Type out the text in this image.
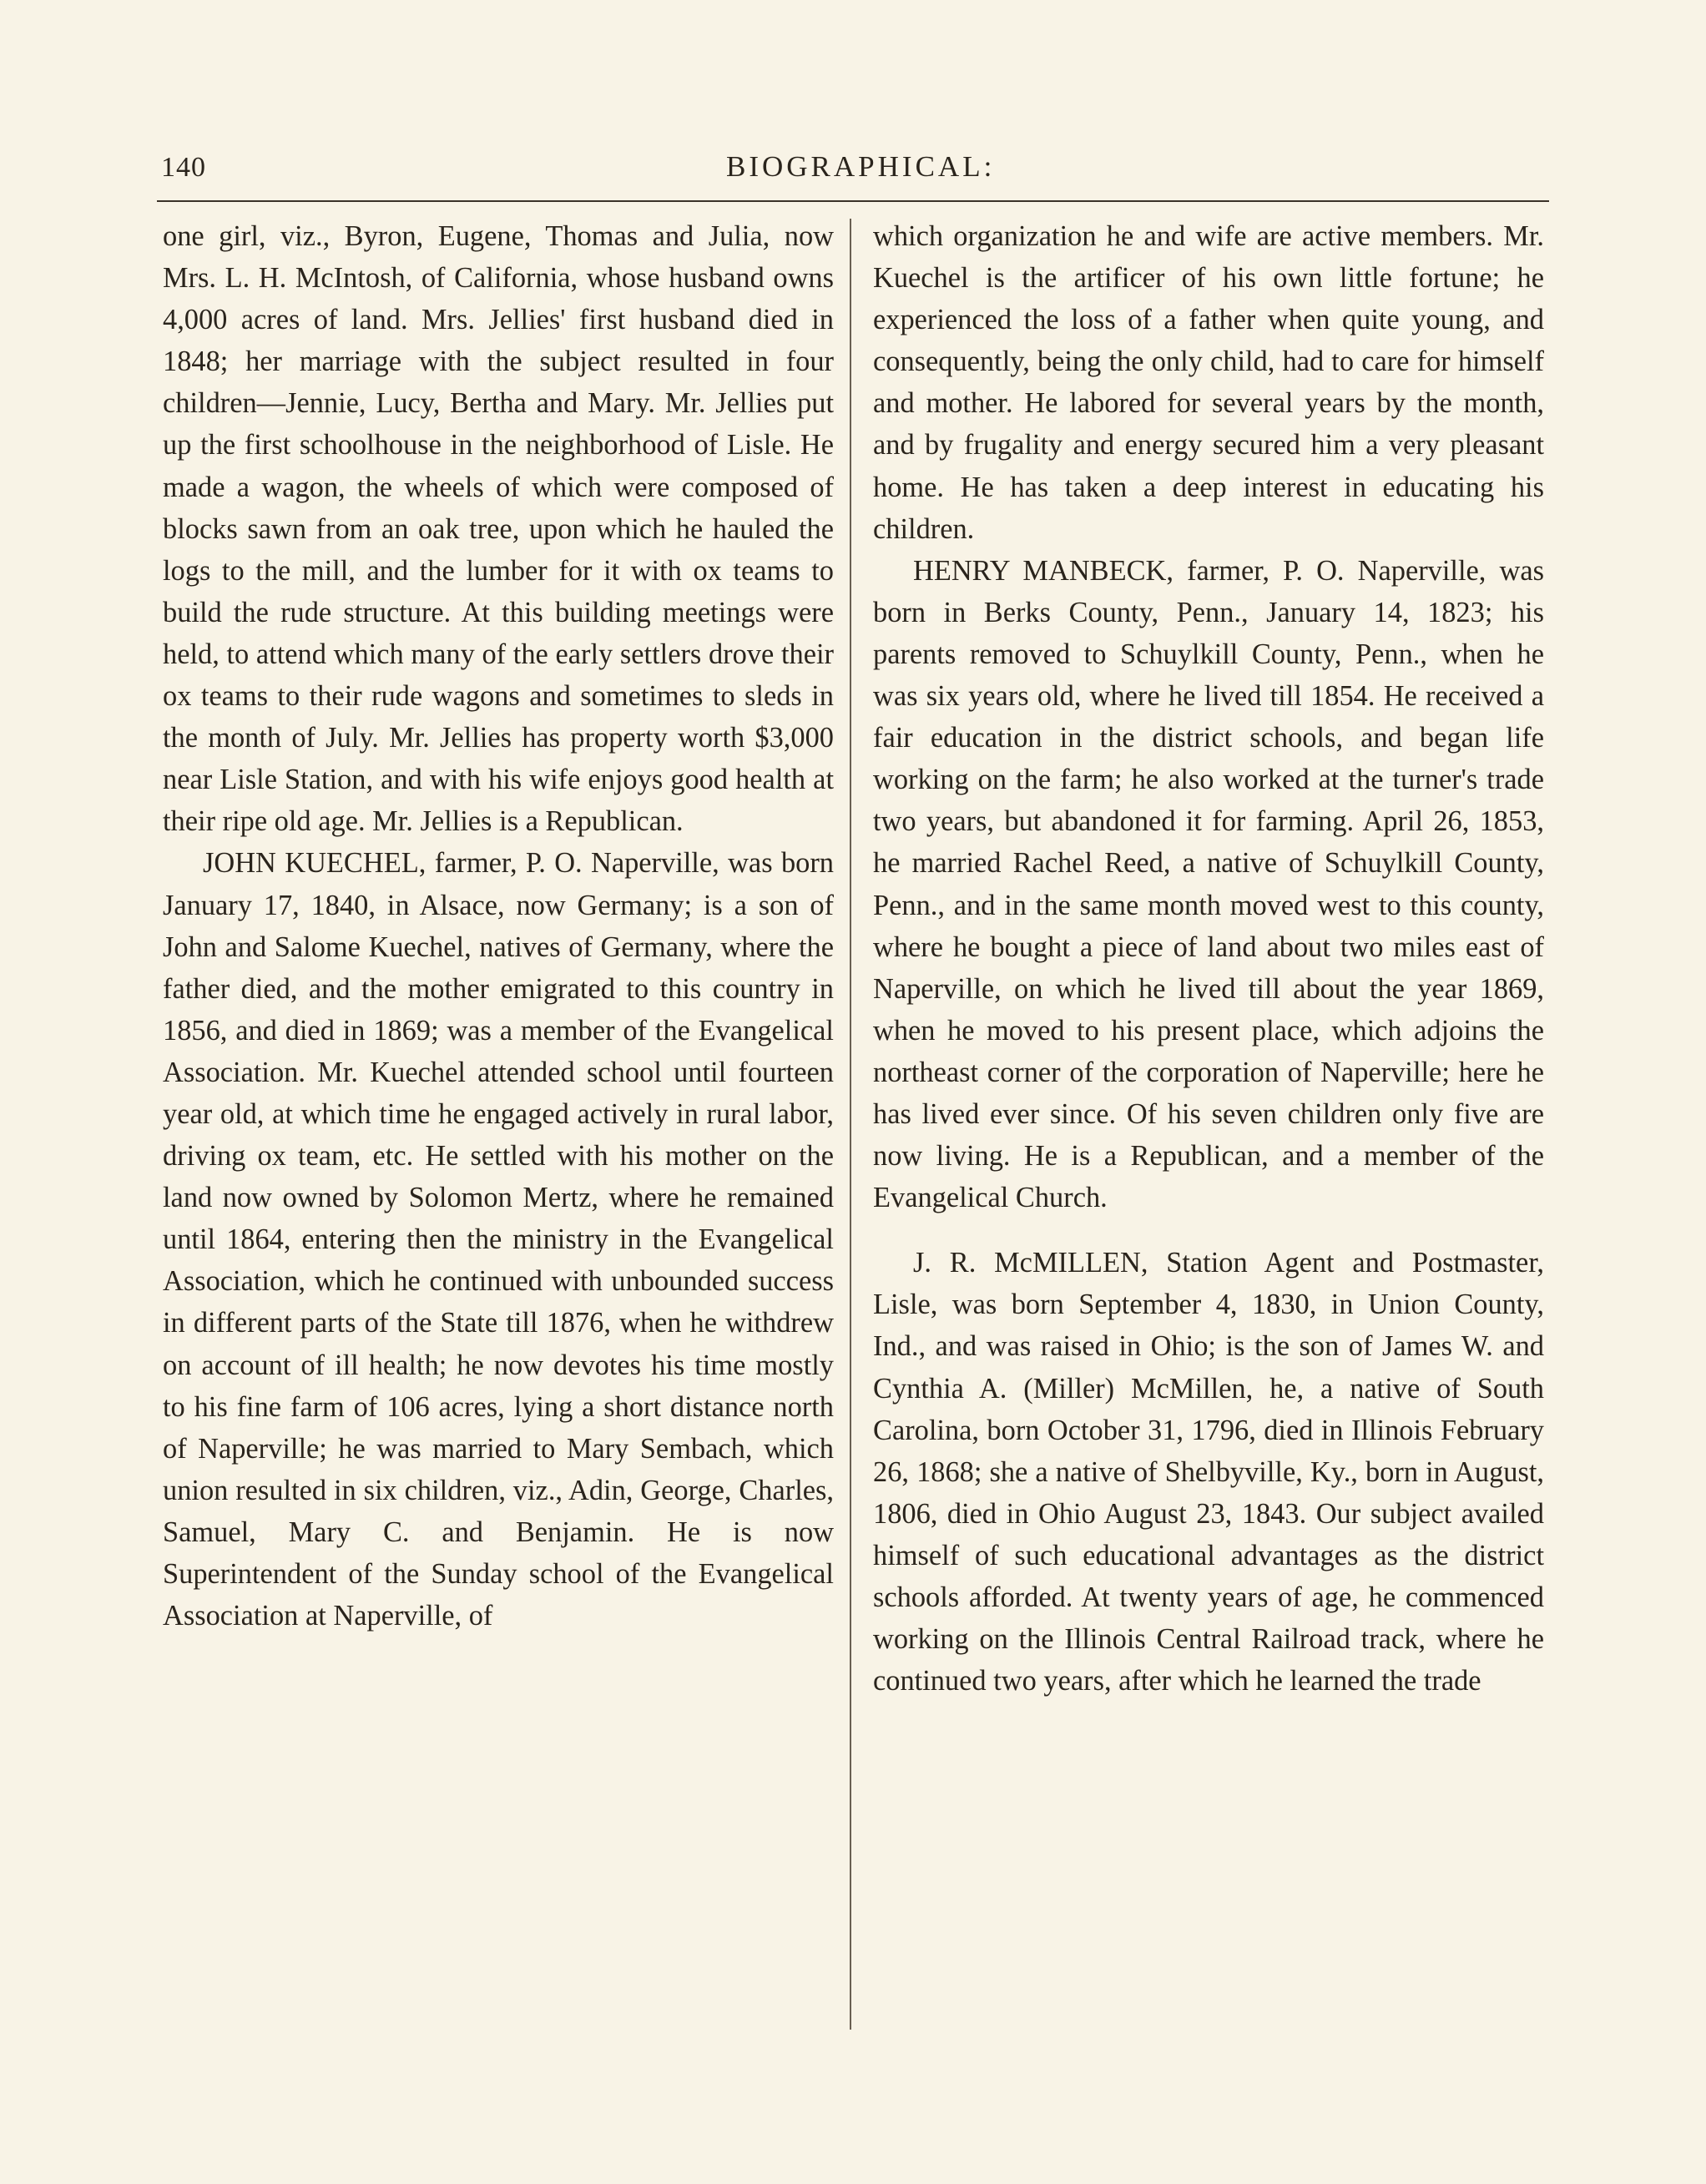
140	BIOGRAPHICAL:

one girl, viz., Byron, Eugene, Thomas and Julia, now Mrs. L. H. McIntosh, of California, whose husband owns 4,000 acres of land. Mrs. Jellies' first husband died in 1848; her marriage with the subject resulted in four children—Jennie, Lucy, Bertha and Mary. Mr. Jellies put up the first schoolhouse in the neighborhood of Lisle. He made a wagon, the wheels of which were composed of blocks sawn from an oak tree, upon which he hauled the logs to the mill, and the lumber for it with ox teams to build the rude structure. At this building meetings were held, to attend which many of the early settlers drove their ox teams to their rude wagons and sometimes to sleds in the month of July. Mr. Jellies has property worth $3,000 near Lisle Station, and with his wife enjoys good health at their ripe old age. Mr. Jellies is a Republican.

JOHN KUECHEL, farmer, P. O. Naperville, was born January 17, 1840, in Alsace, now Germany; is a son of John and Salome Kuechel, natives of Germany, where the father died, and the mother emigrated to this country in 1856, and died in 1869; was a member of the Evangelical Association. Mr. Kuechel attended school until fourteen year old, at which time he engaged actively in rural labor, driving ox team, etc. He settled with his mother on the land now owned by Solomon Mertz, where he remained until 1864, entering then the ministry in the Evangelical Association, which he continued with unbounded success in different parts of the State till 1876, when he withdrew on account of ill health; he now devotes his time mostly to his fine farm of 106 acres, lying a short distance north of Naperville; he was married to Mary Sembach, which union resulted in six children, viz., Adin, George, Charles, Samuel, Mary C. and Benjamin. He is now Superintendent of the Sunday school of the Evangelical Association at Naperville, of

which organization he and wife are active members. Mr. Kuechel is the artificer of his own little fortune; he experienced the loss of a father when quite young, and consequently, being the only child, had to care for himself and mother. He labored for several years by the month, and by frugality and energy secured him a very pleasant home. He has taken a deep interest in educating his children.

HENRY MANBECK, farmer, P. O. Naperville, was born in Berks County, Penn., January 14, 1823; his parents removed to Schuylkill County, Penn., when he was six years old, where he lived till 1854. He received a fair education in the district schools, and began life working on the farm; he also worked at the turner's trade two years, but abandoned it for farming. April 26, 1853, he married Rachel Reed, a native of Schuylkill County, Penn., and in the same month moved west to this county, where he bought a piece of land about two miles east of Naperville, on which he lived till about the year 1869, when he moved to his present place, which adjoins the northeast corner of the corporation of Naperville; here he has lived ever since. Of his seven children only five are now living. He is a Republican, and a member of the Evangelical Church.

J. R. McMILLEN, Station Agent and Postmaster, Lisle, was born September 4, 1830, in Union County, Ind., and was raised in Ohio; is the son of James W. and Cynthia A. (Miller) McMillen, he, a native of South Carolina, born October 31, 1796, died in Illinois February 26, 1868; she a native of Shelbyville, Ky., born in August, 1806, died in Ohio August 23, 1843. Our subject availed himself of such educational advantages as the district schools afforded. At twenty years of age, he commenced working on the Illinois Central Railroad track, where he continued two years, after which he learned the trade
